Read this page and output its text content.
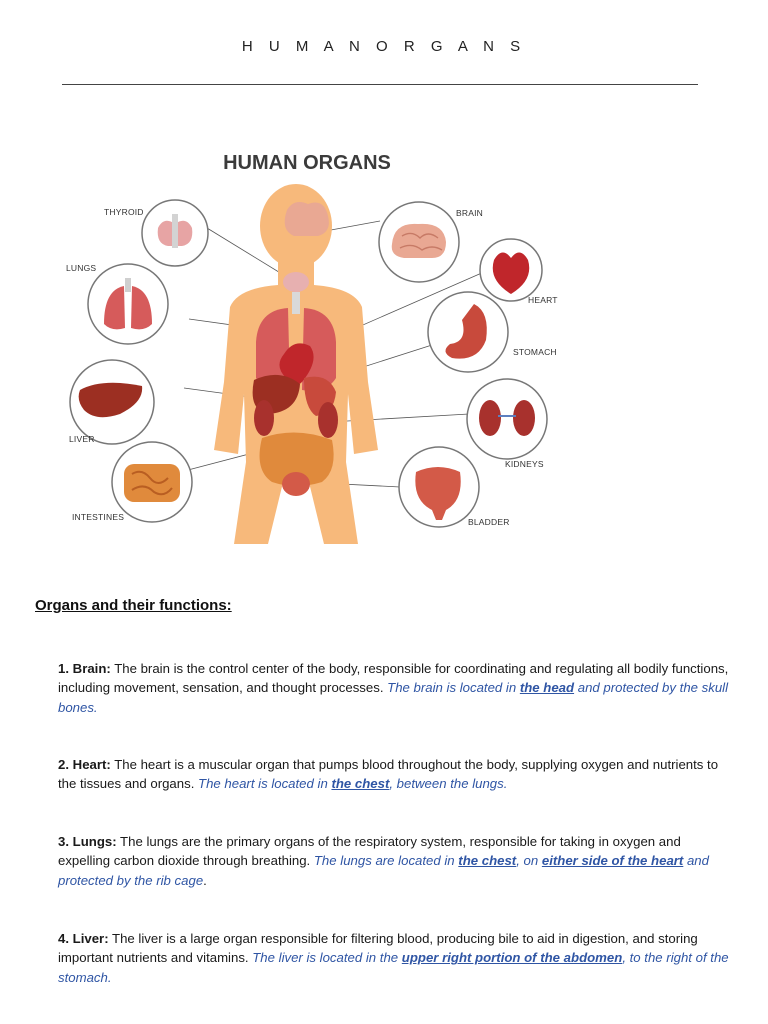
H U M A N O R G A N S
HUMAN ORGANS
THYROID
LUNGS
LIVER
INTESTINES
BRAIN
HEART
STOMACH
KIDNEYS
BLADDER
Organs and their functions:

1. Brain: The brain is the control center of the body, responsible for coordinating and regulating all bodily functions, including movement, sensation, and thought processes. The brain is located in the head and protected by the skull bones.

2. Heart: The heart is a muscular organ that pumps blood throughout the body, supplying oxygen and nutrients to the tissues and organs. The heart is located in the chest, between the lungs.

3. Lungs: The lungs are the primary organs of the respiratory system, responsible for taking in oxygen and expelling carbon dioxide through breathing. The lungs are located in the chest, on either side of the heart and protected by the rib cage.

4. Liver: The liver is a large organ responsible for filtering blood, producing bile to aid in digestion, and storing important nutrients and vitamins. The liver is located in the upper right portion of the abdomen, to the right of the stomach.
